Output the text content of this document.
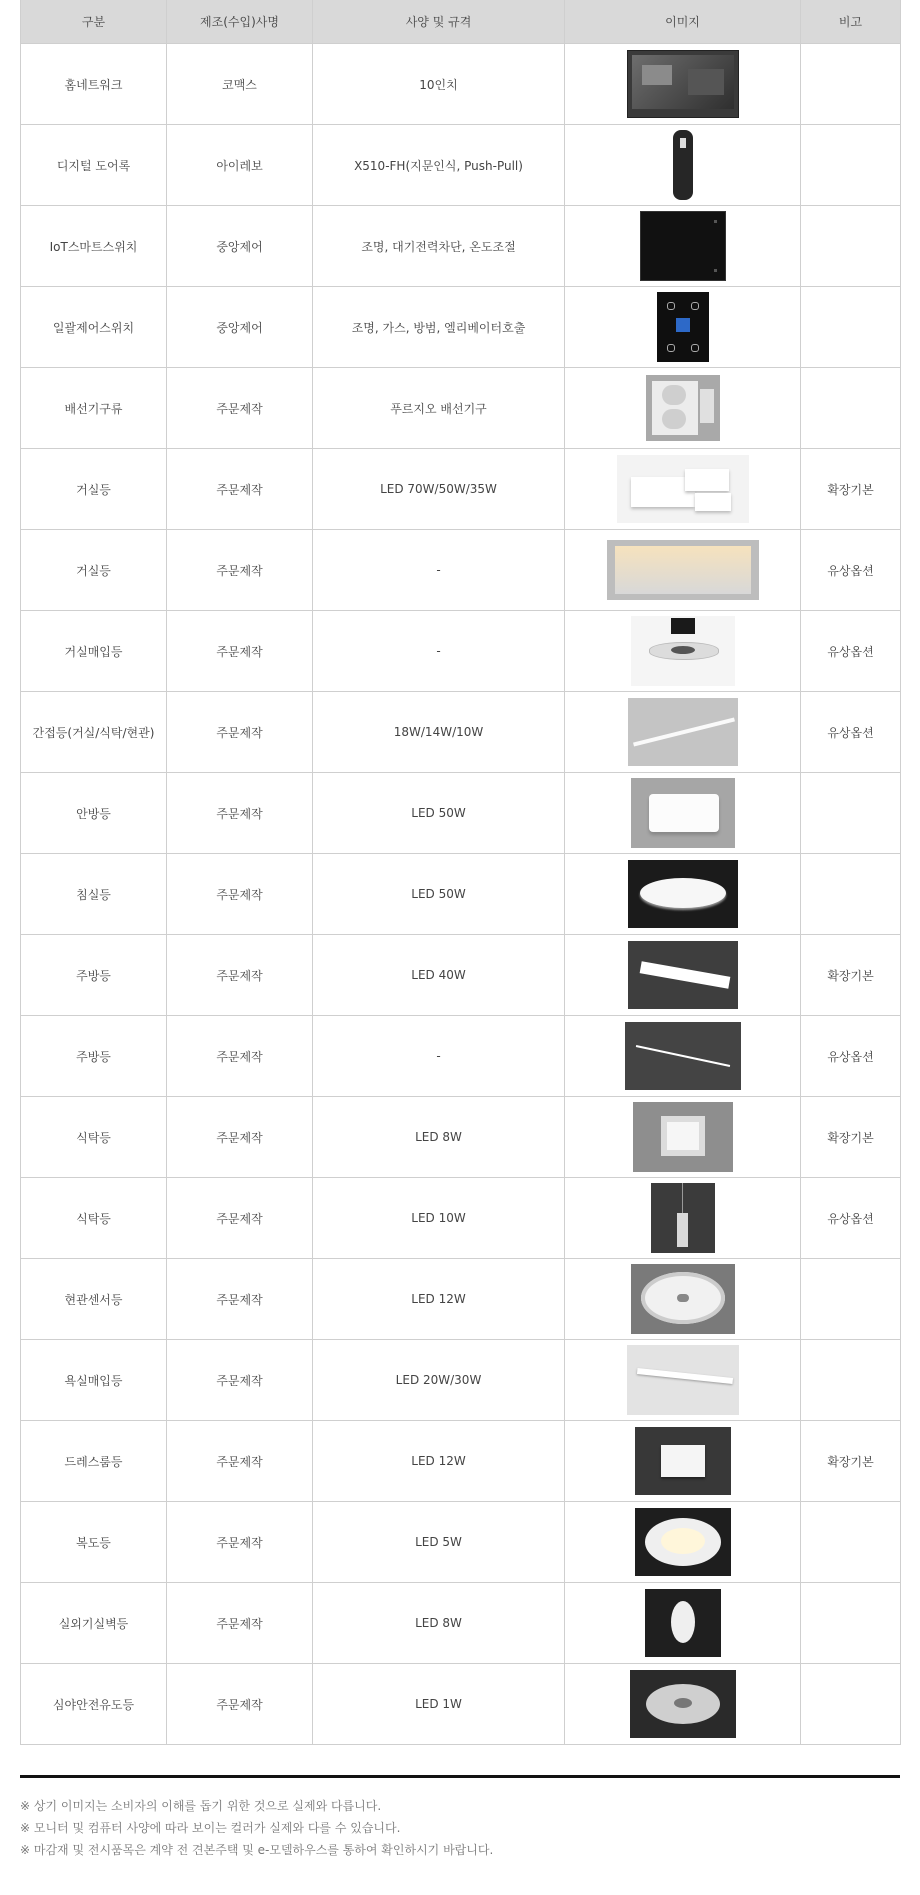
구분	제조(수입)사명	사양 및 규격	이미지	비고
홈네트워크	코맥스	10인치	

디지털 도어록	아이레보	X510-FH(지문인식, Push-Pull)	

IoT스마트스위치	중앙제어	조명, 대기전력차단, 온도조절	

일괄제어스위치	중앙제어	조명, 가스, 방범, 엘리베이터호출	

배선기구류	주문제작	푸르지오 배선기구	

거실등	주문제작	LED 70W/50W/35W		확장기본
거실등	주문제작	-		유상옵션
거실매입등	주문제작	-		유상옵션
간접등(거실/식탁/현관)	주문제작	18W/14W/10W		유상옵션
안방등	주문제작	LED 50W	

침실등	주문제작	LED 50W	

주방등	주문제작	LED 40W		확장기본
주방등	주문제작	-		유상옵션
식탁등	주문제작	LED 8W		확장기본
식탁등	주문제작	LED 10W		유상옵션
현관센서등	주문제작	LED 12W	

욕실매입등	주문제작	LED 20W/30W	

드레스룸등	주문제작	LED 12W		확장기본
복도등	주문제작	LED 5W	

실외기실벽등	주문제작	LED 8W	

심야안전유도등	주문제작	LED 1W	

※ 상기 이미지는 소비자의 이해를 돕기 위한 것으로 실제와 다릅니다.
※ 모니터 및 컴퓨터 사양에 따라 보이는 컬러가 실제와 다를 수 있습니다.
※ 마감재 및 전시품목은 계약 전 견본주택 및 e-모델하우스를 통하여 확인하시기 바랍니다.
